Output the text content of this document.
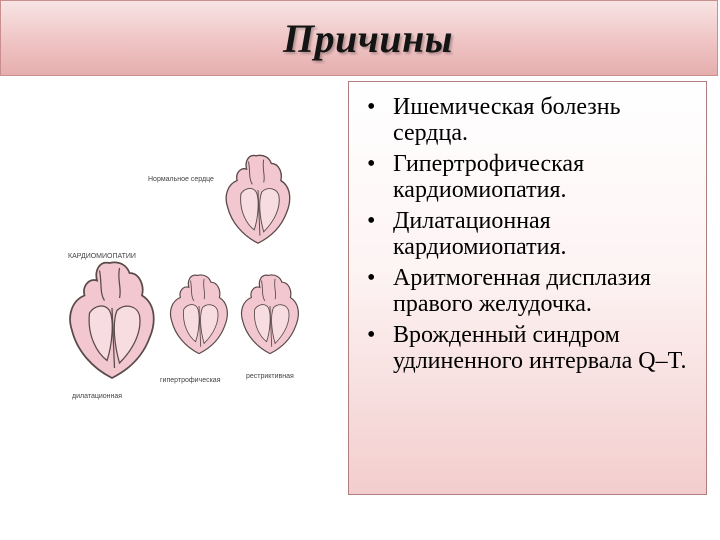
Причины
Нормальное сердце
КАРДИОМИОПАТИИ
дилатационная
гипертрофическая
рестриктивная
• Ишемическая болезнь сердца.
• Гипертрофическая кардиомиопатия.
• Дилатационная кардиомиопатия.
• Аритмогенная дисплазия правого желудочка.
• Врожденный синдром удлиненного интервала Q–T.
